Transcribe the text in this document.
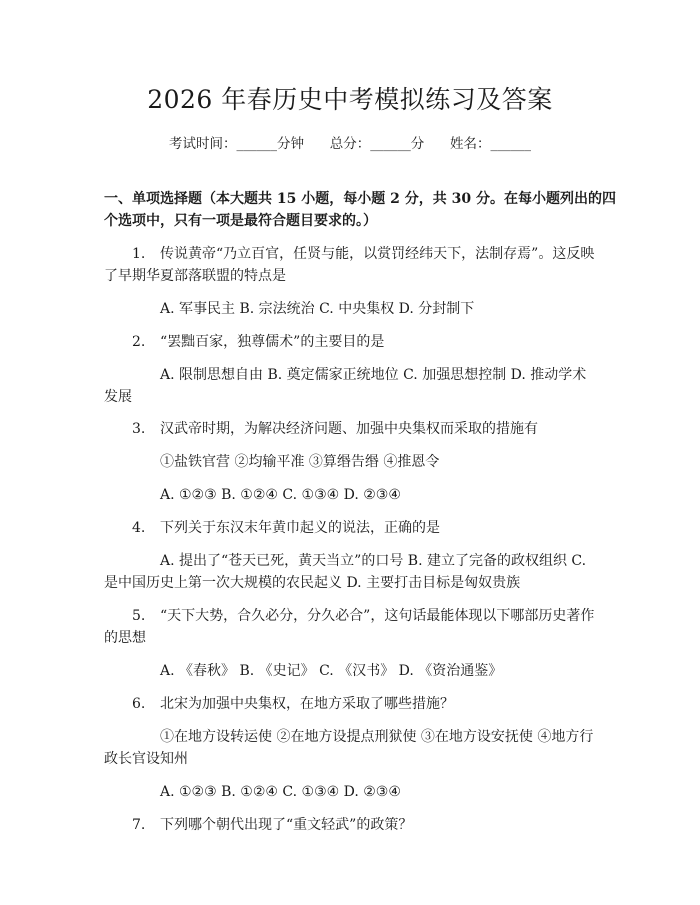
2026 年春历史中考模拟练习及答案
考试时间：______分钟      总分：______分      姓名：______
一、单项选择题（本大题共 15 小题，每小题 2 分，共 30 分。在每小题列出的四
个选项中，只有一项是最符合题目要求的。）
1. 传说黄帝“乃立百官，任贤与能，以赏罚经纬天下，法制存焉”。这反映
了早期华夏部落联盟的特点是
A. 军事民主 B. 宗法统治 C. 中央集权 D. 分封制下
2. “罢黜百家，独尊儒术”的主要目的是
A. 限制思想自由 B. 奠定儒家正统地位 C. 加强思想控制 D. 推动学术
发展
3. 汉武帝时期，为解决经济问题、加强中央集权而采取的措施有
①盐铁官营 ②均输平准 ③算缗告缗 ④推恩令
A. ①②③ B. ①②④ C. ①③④ D. ②③④
4. 下列关于东汉末年黄巾起义的说法，正确的是
A. 提出了“苍天已死，黄天当立”的口号 B. 建立了完备的政权组织 C.
是中国历史上第一次大规模的农民起义 D. 主要打击目标是匈奴贵族
5. “天下大势，合久必分，分久必合”，这句话最能体现以下哪部历史著作
的思想
A. 《春秋》 B. 《史记》 C. 《汉书》 D. 《资治通鉴》
6. 北宋为加强中央集权，在地方采取了哪些措施？
①在地方设转运使 ②在地方设提点刑狱使 ③在地方设安抚使 ④地方行
政长官设知州
A. ①②③ B. ①②④ C. ①③④ D. ②③④
7. 下列哪个朝代出现了“重文轻武”的政策？
